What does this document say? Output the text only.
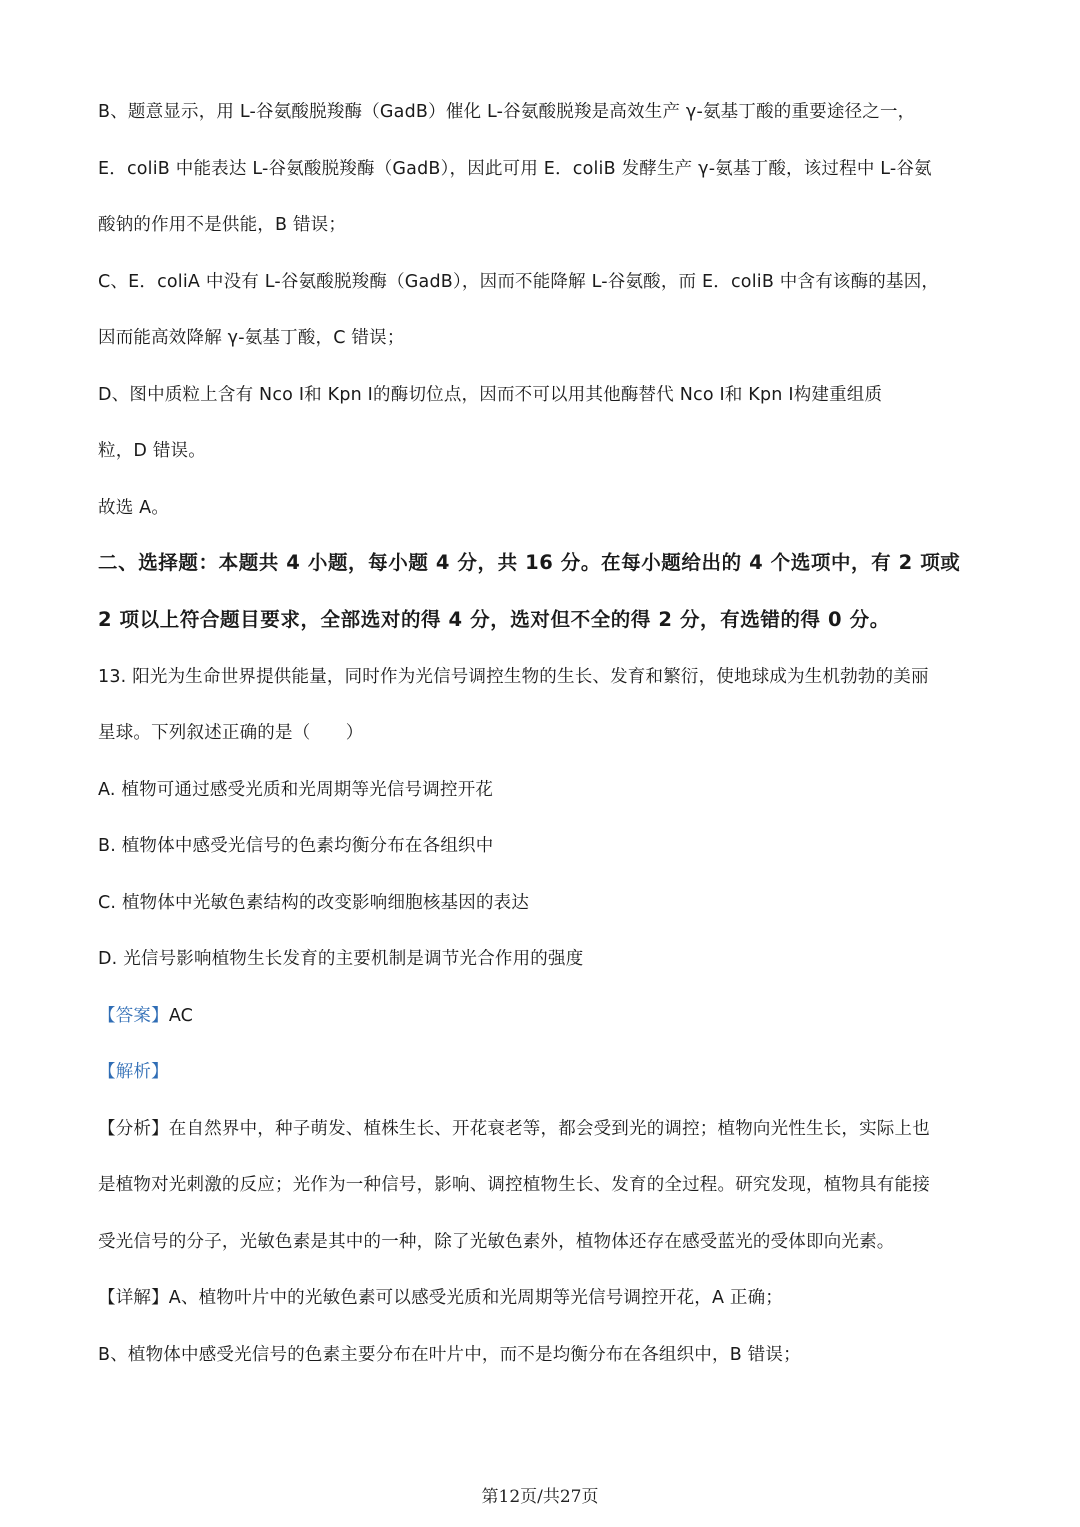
B、题意显示，用 L-谷氨酸脱羧酶（GadB）催化 L-谷氨酸脱羧是高效生产 γ-氨基丁酸的重要途径之一，
E．coliB 中能表达 L-谷氨酸脱羧酶（GadB），因此可用 E．coliB 发酵生产 γ-氨基丁酸，该过程中 L-谷氨
酸钠的作用不是供能，B 错误；
C、E．coliA 中没有 L-谷氨酸脱羧酶（GadB），因而不能降解 L-谷氨酸，而 E．coliB 中含有该酶的基因，
因而能高效降解 γ-氨基丁酸，C 错误；
D、图中质粒上含有 Nco Ⅰ和 Kpn Ⅰ的酶切位点，因而不可以用其他酶替代 Nco Ⅰ和 Kpn Ⅰ构建重组质
粒，D 错误。
故选 A。
二、选择题：本题共 4 小题，每小题 4 分，共 16 分。在每小题给出的 4 个选项中，有 2 项或
2 项以上符合题目要求，全部选对的得 4 分，选对但不全的得 2 分，有选错的得 0 分。
13. 阳光为生命世界提供能量，同时作为光信号调控生物的生长、发育和繁衍，使地球成为生机勃勃的美丽
星球。下列叙述正确的是（　　）
A. 植物可通过感受光质和光周期等光信号调控开花
B. 植物体中感受光信号的色素均衡分布在各组织中
C. 植物体中光敏色素结构的改变影响细胞核基因的表达
D. 光信号影响植物生长发育的主要机制是调节光合作用的强度
【答案】AC
【解析】
【分析】在自然界中，种子萌发、植株生长、开花衰老等，都会受到光的调控；植物向光性生长，实际上也
是植物对光刺激的反应；光作为一种信号，影响、调控植物生长、发育的全过程。研究发现，植物具有能接
受光信号的分子，光敏色素是其中的一种，除了光敏色素外，植物体还存在感受蓝光的受体即向光素。
【详解】A、植物叶片中的光敏色素可以感受光质和光周期等光信号调控开花，A 正确；
B、植物体中感受光信号的色素主要分布在叶片中，而不是均衡分布在各组织中，B 错误；
第12页/共27页
